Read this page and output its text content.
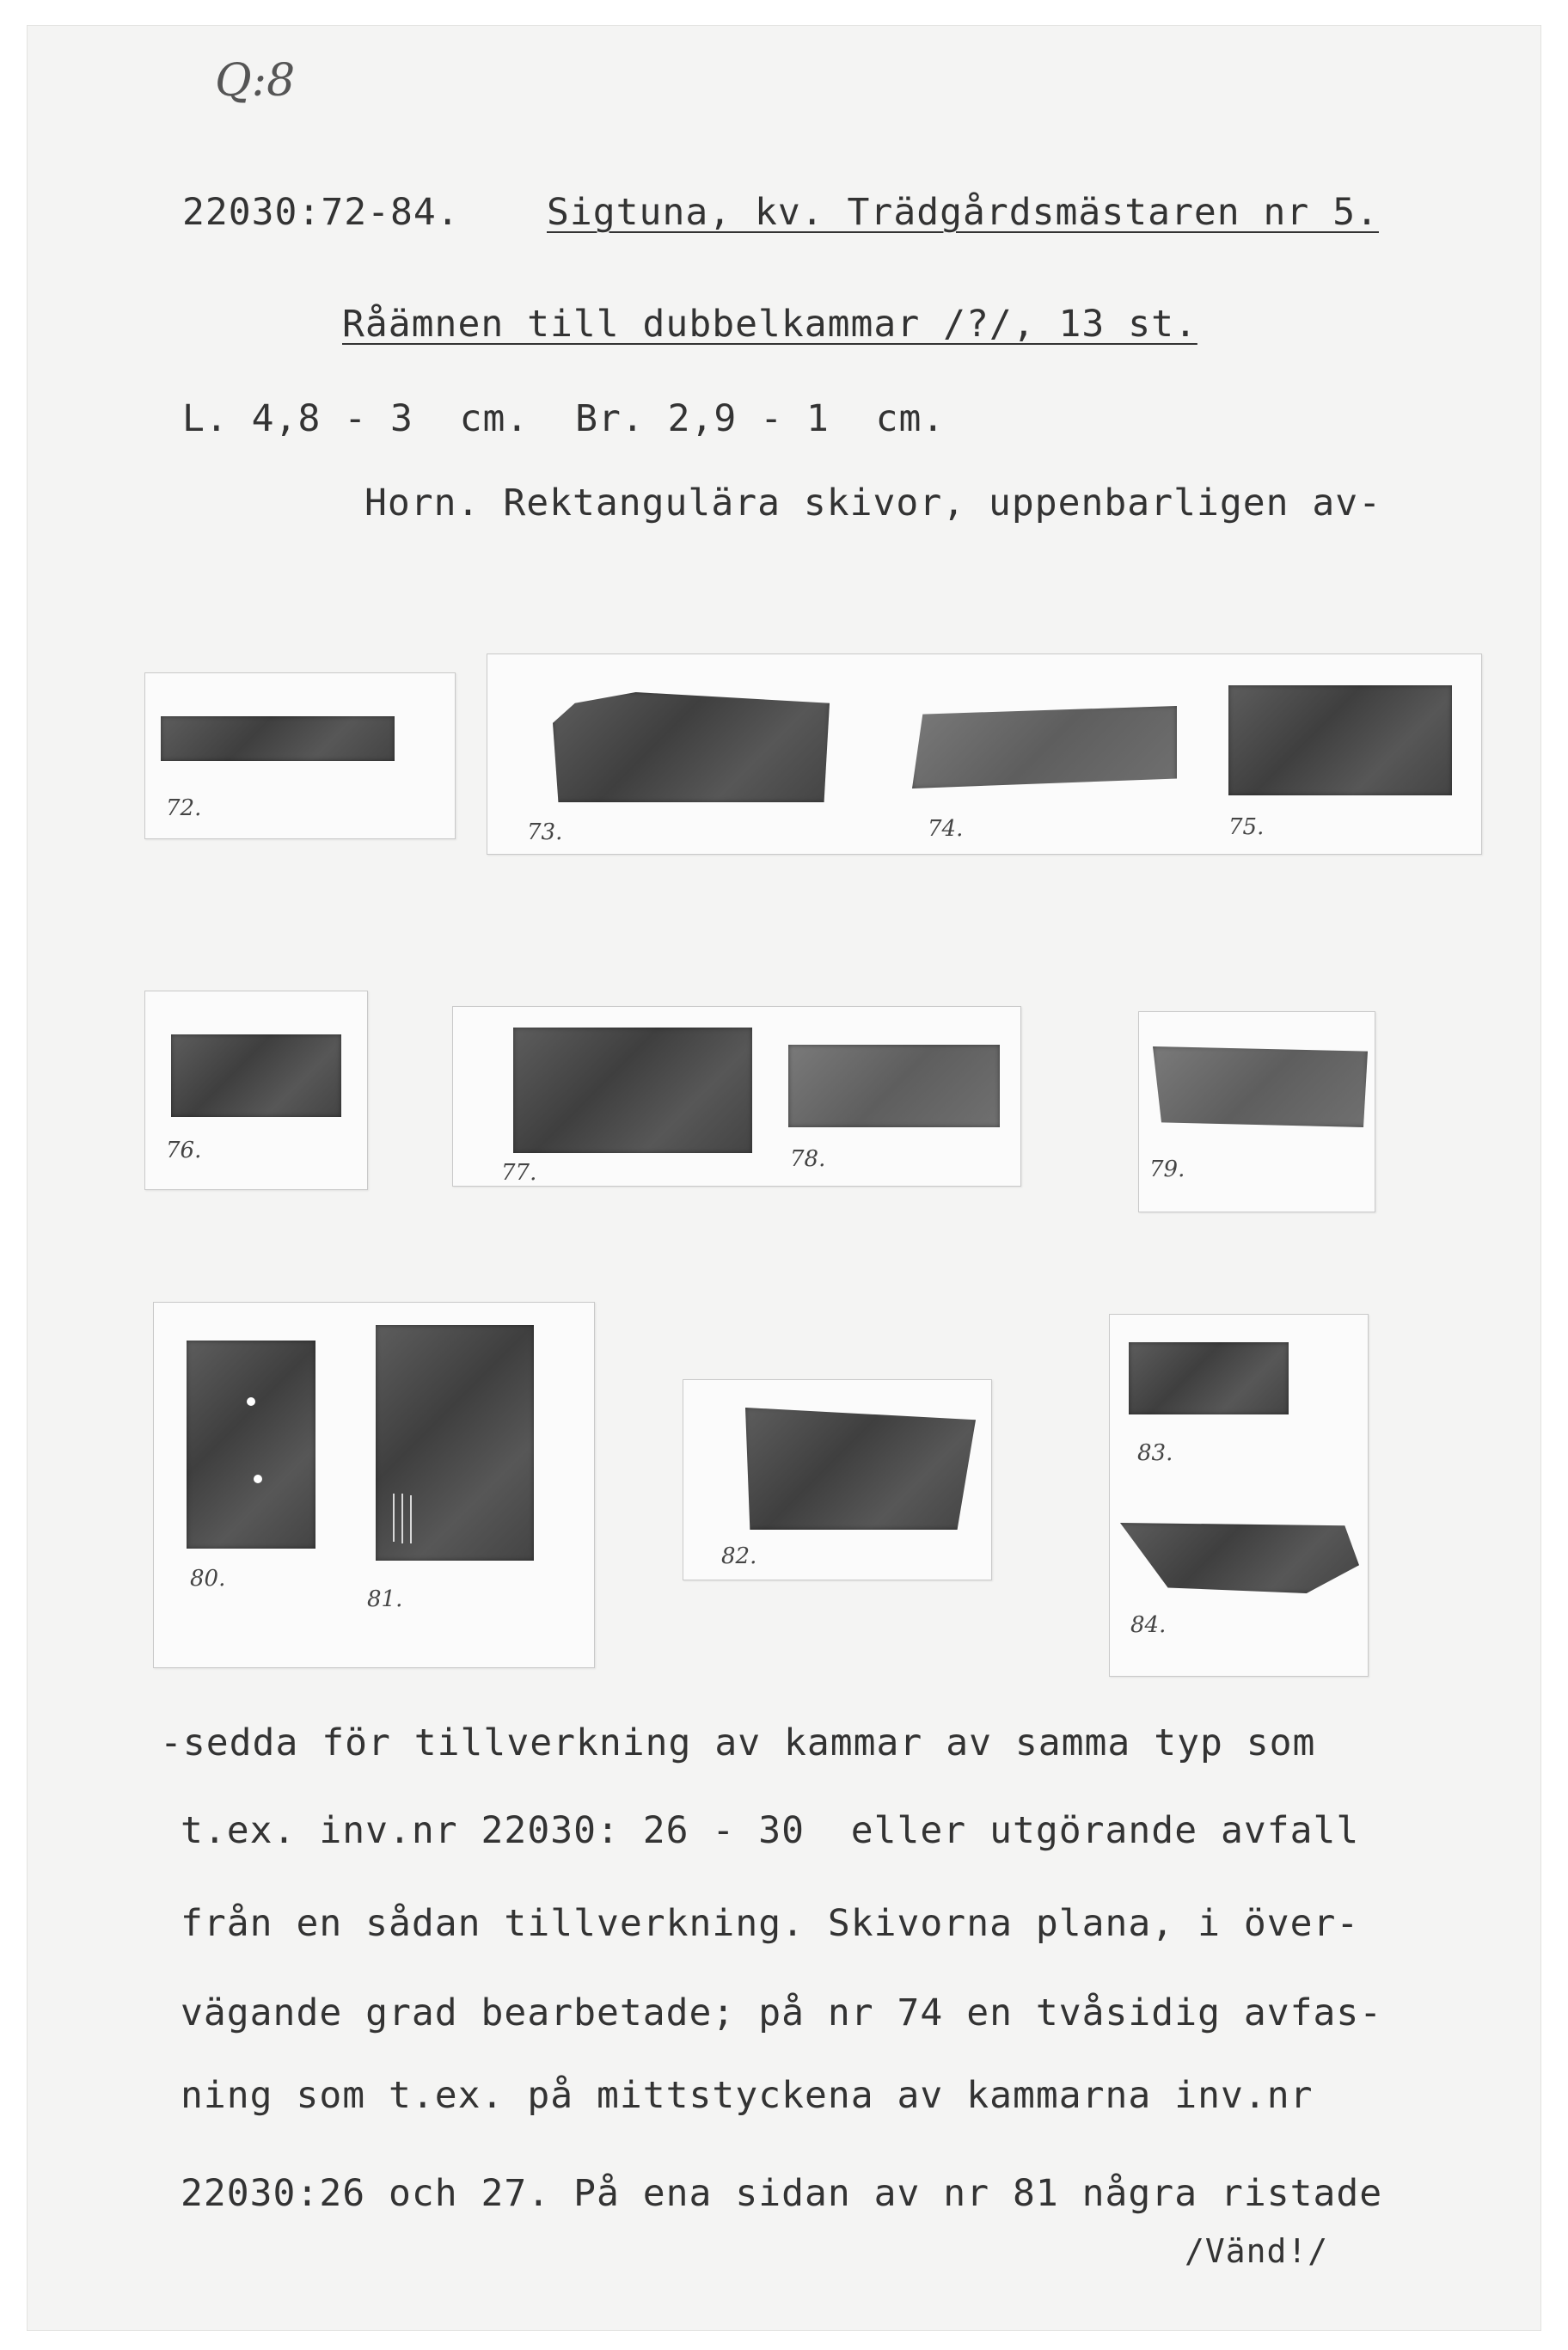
Q:8
22030:72-84. Sigtuna, kv. Trädgårdsmästaren nr 5.
Råämnen till dubbelkammar /?/, 13 st.
L. 4,8 - 3  cm.  Br. 2,9 - 1  cm.
Horn. Rektangulära skivor, uppenbarligen av-
72.
73.	74.	75.
76.
77.
78.	79.
80.
81.
82.
83.
84.
-sedda för tillverkning av kammar av samma typ som
t.ex. inv.nr 22030: 26 - 30  eller utgörande avfall
från en sådan tillverkning. Skivorna plana, i över-
vägande grad bearbetade; på nr 74 en tvåsidig avfas-
ning som t.ex. på mittstyckena av kammarna inv.nr
22030:26 och 27. På ena sidan av nr 81 några ristade
/Vänd!/
